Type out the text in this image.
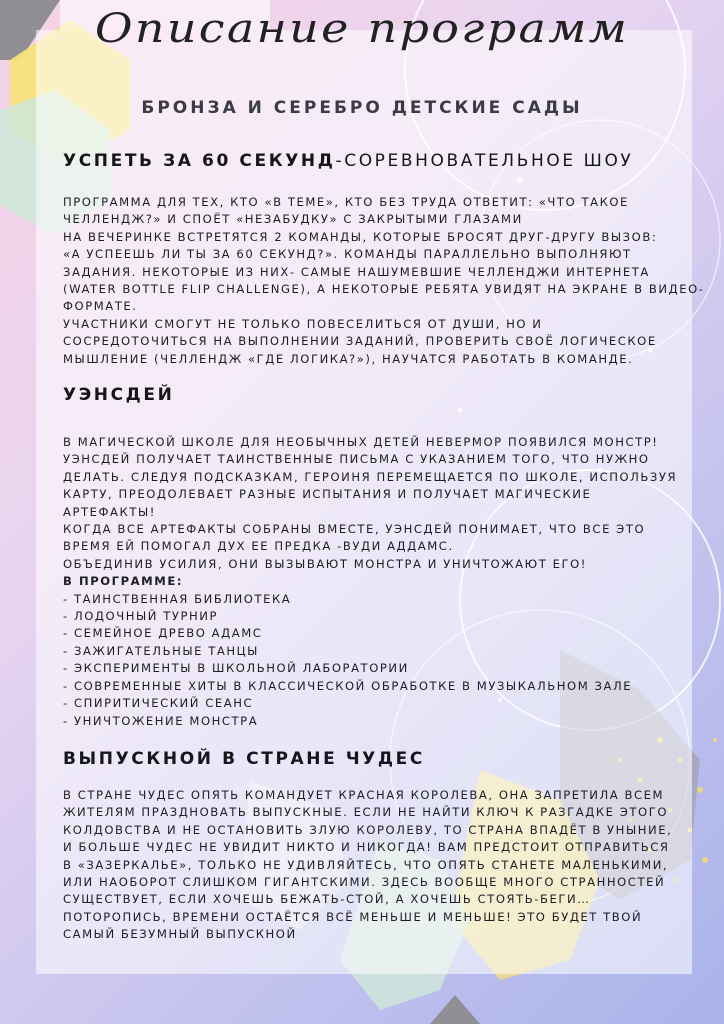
Описание программ
БРОНЗА И СЕРЕБРО ДЕТСКИЕ САДЫ
УСПЕТЬ ЗА 60 СЕКУНД-СОРЕВНОВАТЕЛЬНОЕ ШОУ
ПРОГРАММА ДЛЯ ТЕХ, КТО «В ТЕМЕ», КТО БЕЗ ТРУДА ОТВЕТИТ: «ЧТО ТАКОЕ
ЧЕЛЛЕНДЖ?» И СПОЁТ «НЕЗАБУДКУ» С ЗАКРЫТЫМИ ГЛАЗАМИ
НА ВЕЧЕРИНКЕ ВСТРЕТЯТСЯ 2 КОМАНДЫ, КОТОРЫЕ БРОСЯТ ДРУГ-ДРУГУ ВЫЗОВ:
«А УСПЕЕШЬ ЛИ ТЫ ЗА 60 СЕКУНД?». КОМАНДЫ ПАРАЛЛЕЛЬНО ВЫПОЛНЯЮТ
ЗАДАНИЯ. НЕКОТОРЫЕ ИЗ НИХ- САМЫЕ НАШУМЕВШИЕ ЧЕЛЛЕНДЖИ ИНТЕРНЕТА
(WATER BOTTLE FLIP CHALLENGE), А НЕКОТОРЫЕ РЕБЯТА УВИДЯТ НА ЭКРАНЕ В ВИДЕО-
ФОРМАТЕ.
УЧАСТНИКИ СМОГУТ НЕ ТОЛЬКО ПОВЕСЕЛИТЬСЯ ОТ ДУШИ, НО И
СОСРЕДОТОЧИТЬСЯ НА ВЫПОЛНЕНИИ ЗАДАНИЙ, ПРОВЕРИТЬ СВОЁ ЛОГИЧЕСКОЕ
МЫШЛЕНИЕ (ЧЕЛЛЕНДЖ «ГДЕ ЛОГИКА?»), НАУЧАТСЯ РАБОТАТЬ В КОМАНДЕ.
УЭНСДЕЙ
В МАГИЧЕСКОЙ ШКОЛЕ ДЛЯ НЕОБЫЧНЫХ ДЕТЕЙ НЕВЕРМОР ПОЯВИЛСЯ МОНСТР!
УЭНСДЕЙ ПОЛУЧАЕТ ТАИНСТВЕННЫЕ ПИСЬМА С УКАЗАНИЕМ ТОГО, ЧТО НУЖНО
ДЕЛАТЬ. СЛЕДУЯ ПОДСКАЗКАМ, ГЕРОИНЯ ПЕРЕМЕЩАЕТСЯ ПО ШКОЛЕ, ИСПОЛЬЗУЯ
КАРТУ, ПРЕОДОЛЕВАЕТ РАЗНЫЕ ИСПЫТАНИЯ И ПОЛУЧАЕТ МАГИЧЕСКИЕ
АРТЕФАКТЫ!
КОГДА ВСЕ АРТЕФАКТЫ СОБРАНЫ ВМЕСТЕ, УЭНСДЕЙ ПОНИМАЕТ, ЧТО ВСЕ ЭТО
ВРЕМЯ ЕЙ ПОМОГАЛ ДУХ ЕЕ ПРЕДКА -ВУДИ АДДАМС.
ОБЪЕДИНИВ УСИЛИЯ, ОНИ ВЫЗЫВАЮТ МОНСТРА И УНИЧТОЖАЮТ ЕГО!
В ПРОГРАММЕ:
- ТАИНСТВЕННАЯ БИБЛИОТЕКА
- ЛОДОЧНЫЙ ТУРНИР
- СЕМЕЙНОЕ ДРЕВО АДАМС
- ЗАЖИГАТЕЛЬНЫЕ ТАНЦЫ
- ЭКСПЕРИМЕНТЫ В ШКОЛЬНОЙ ЛАБОРАТОРИИ
- СОВРЕМЕННЫЕ ХИТЫ В КЛАССИЧЕСКОЙ ОБРАБОТКЕ В МУЗЫКАЛЬНОМ ЗАЛЕ
- СПИРИТИЧЕСКИЙ СЕАНС
- УНИЧТОЖЕНИЕ МОНСТРА
ВЫПУСКНОЙ В СТРАНЕ ЧУДЕС
В СТРАНЕ ЧУДЕС ОПЯТЬ КОМАНДУЕТ КРАСНАЯ КОРОЛЕВА, ОНА ЗАПРЕТИЛА ВСЕМ
ЖИТЕЛЯМ ПРАЗДНОВАТЬ ВЫПУСКНЫЕ. ЕСЛИ НЕ НАЙТИ КЛЮЧ К РАЗГАДКЕ ЭТОГО
КОЛДОВСТВА И НЕ ОСТАНОВИТЬ ЗЛУЮ КОРОЛЕВУ, ТО СТРАНА ВПАДЁТ В УНЫНИЕ,
И БОЛЬШЕ ЧУДЕС НЕ УВИДИТ НИКТО И НИКОГДА! ВАМ ПРЕДСТОИТ ОТПРАВИТЬСЯ
В «ЗАЗЕРКАЛЬЕ», ТОЛЬКО НЕ УДИВЛЯЙТЕСЬ, ЧТО ОПЯТЬ СТАНЕТЕ МАЛЕНЬКИМИ,
ИЛИ НАОБОРОТ СЛИШКОМ ГИГАНТСКИМИ. ЗДЕСЬ ВООБЩЕ МНОГО СТРАННОСТЕЙ
СУЩЕСТВУЕТ, ЕСЛИ ХОЧЕШЬ БЕЖАТЬ-СТОЙ, А ХОЧЕШЬ СТОЯТЬ-БЕГИ…
ПОТОРОПИСЬ, ВРЕМЕНИ ОСТАЁТСЯ ВСЁ МЕНЬШЕ И МЕНЬШЕ! ЭТО БУДЕТ ТВОЙ
САМЫЙ БЕЗУМНЫЙ ВЫПУСКНОЙ
